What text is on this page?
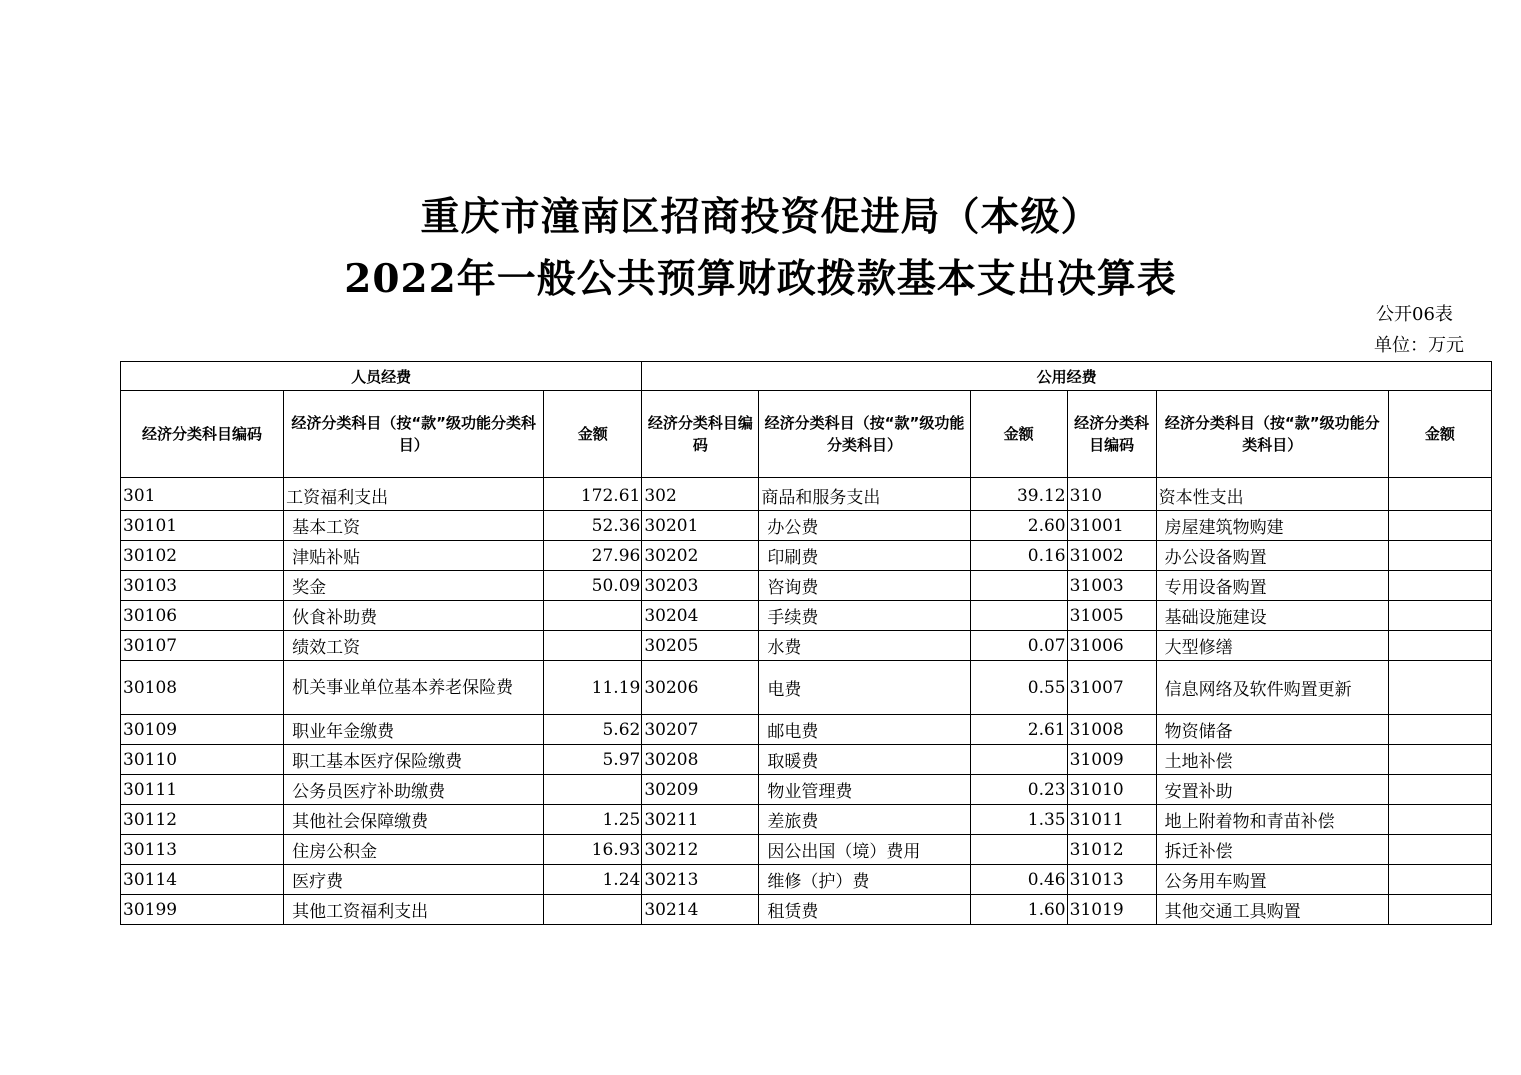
重庆市潼南区招商投资促进局（本级）
2022年一般公共预算财政拨款基本支出决算表
公开06表
单位：万元
人员经费			公用经费					
经济分类科目编码	经济分类科目（按“款”级功能分类科目）	金额	经济分类科目编码	经济分类科目（按“款”级功能分类科目）	金额	经济分类科目编码	经济分类科目（按“款”级功能分类科目）	金额
301	工资福利支出	172.61	302	商品和服务支出	39.12	310	资本性支出	
30101	基本工资	52.36	30201	办公费	2.60	31001	房屋建筑物购建	
30102	津贴补贴	27.96	30202	印刷费	0.16	31002	办公设备购置	
30103	奖金	50.09	30203	咨询费		31003	专用设备购置	
30106	伙食补助费		30204	手续费		31005	基础设施建设	
30107	绩效工资		30205	水费	0.07	31006	大型修缮	
30108	机关事业单位基本养老保险费	11.19	30206	电费	0.55	31007	信息网络及软件购置更新	
30109	职业年金缴费	5.62	30207	邮电费	2.61	31008	物资储备	
30110	职工基本医疗保险缴费	5.97	30208	取暖费		31009	土地补偿	
30111	公务员医疗补助缴费		30209	物业管理费	0.23	31010	安置补助	
30112	其他社会保障缴费	1.25	30211	差旅费	1.35	31011	地上附着物和青苗补偿	
30113	住房公积金	16.93	30212	因公出国（境）费用		31012	拆迁补偿	
30114	医疗费	1.24	30213	维修（护）费	0.46	31013	公务用车购置	
30199	其他工资福利支出		30214	租赁费	1.60	31019	其他交通工具购置	
